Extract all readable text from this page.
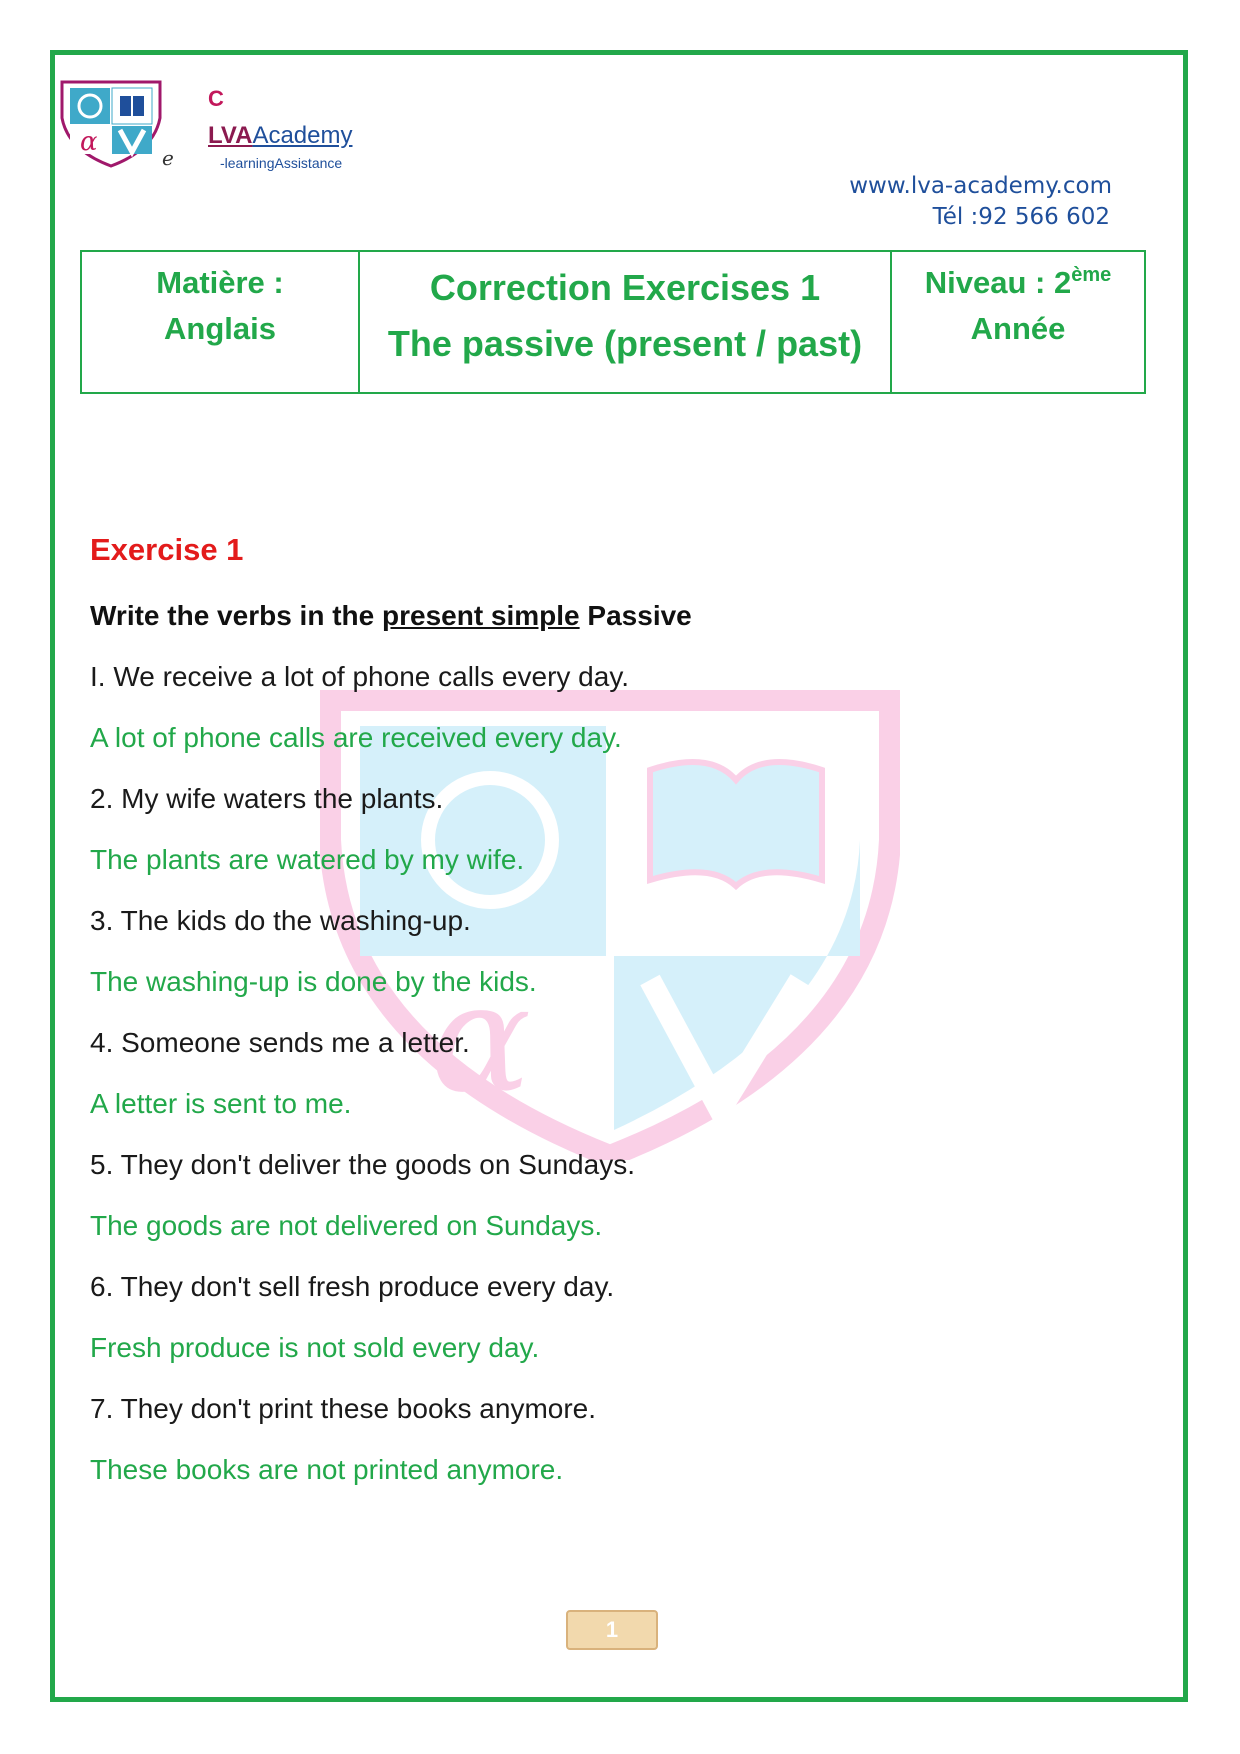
α
e
C
LVAAcademy
-learningAssistance
www.lva-academy.com
Tél :92 566 602
Matière :
Anglais
Correction Exercises 1
The passive (present / past)
Niveau : 2ème
Année
α
Exercise 1
Write the verbs in the present simple Passive
I. We receive a lot of phone calls every day.
A lot of phone calls are received every day.
2. My wife waters the plants.
The plants are watered by my wife.
3. The kids do the washing-up.
The washing-up is done by the kids.
4. Someone sends me a letter.
A letter is sent to me.
5. They don't deliver the goods on Sundays.
The goods are not delivered on Sundays.
6. They don't sell fresh produce every day.
Fresh produce is not sold every day.
7. They don't print these books anymore.
These books are not printed anymore.
1
